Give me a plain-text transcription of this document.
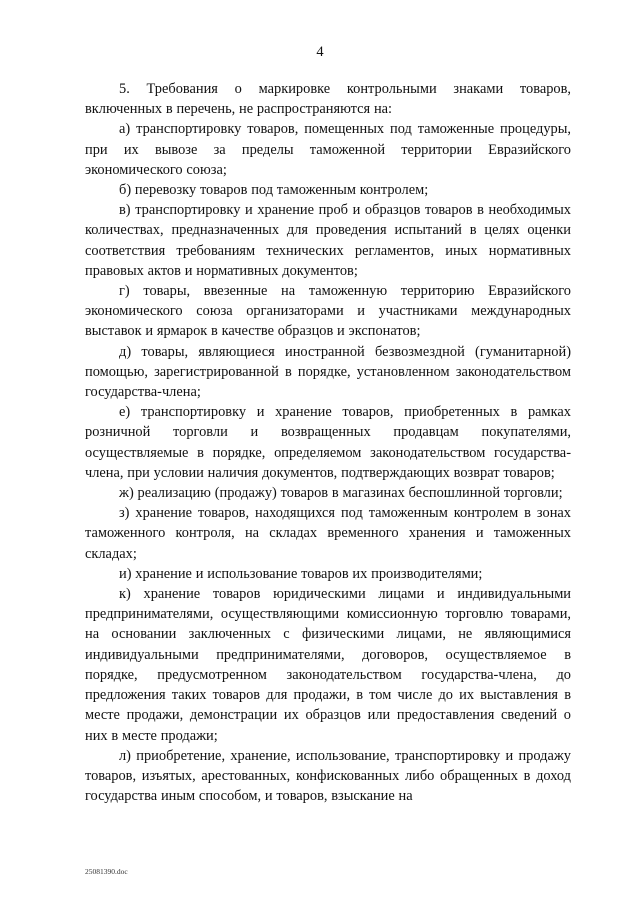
4

5. Требования о маркировке контрольными знаками товаров, включенных в перечень, не распространяются на:

а) транспортировку товаров, помещенных под таможенные процедуры, при их вывозе за пределы таможенной территории Евразийского экономического союза;

б) перевозку товаров под таможенным контролем;

в) транспортировку и хранение проб и образцов товаров в необходимых количествах, предназначенных для проведения испытаний в целях оценки соответствия требованиям технических регламентов, иных нормативных правовых актов и нормативных документов;

г) товары, ввезенные на таможенную территорию Евразийского экономического союза организаторами и участниками международных выставок и ярмарок в качестве образцов и экспонатов;

д) товары, являющиеся иностранной безвозмездной (гуманитарной) помощью, зарегистрированной в порядке, установленном законодательством государства-члена;

е) транспортировку и хранение товаров, приобретенных в рамках розничной торговли и возвращенных продавцам покупателями, осуществляемые в порядке, определяемом законодательством государства-члена, при условии наличия документов, подтверждающих возврат товаров;

ж) реализацию (продажу) товаров в магазинах беспошлинной торговли;

з) хранение товаров, находящихся под таможенным контролем в зонах таможенного контроля, на складах временного хранения и таможенных складах;

и) хранение и использование товаров их производителями;

к) хранение товаров юридическими лицами и индивидуальными предпринимателями, осуществляющими комиссионную торговлю товарами, на основании заключенных с физическими лицами, не являющимися индивидуальными предпринимателями, договоров, осуществляемое в порядке, предусмотренном законодательством государства-члена, до предложения таких товаров для продажи, в том числе до их выставления в месте продажи, демонстрации их образцов или предоставления сведений о них в месте продажи;

л) приобретение, хранение, использование, транспортировку и продажу товаров, изъятых, арестованных, конфискованных либо обращенных в доход государства иным способом, и товаров, взыскание на

25081390.doc
